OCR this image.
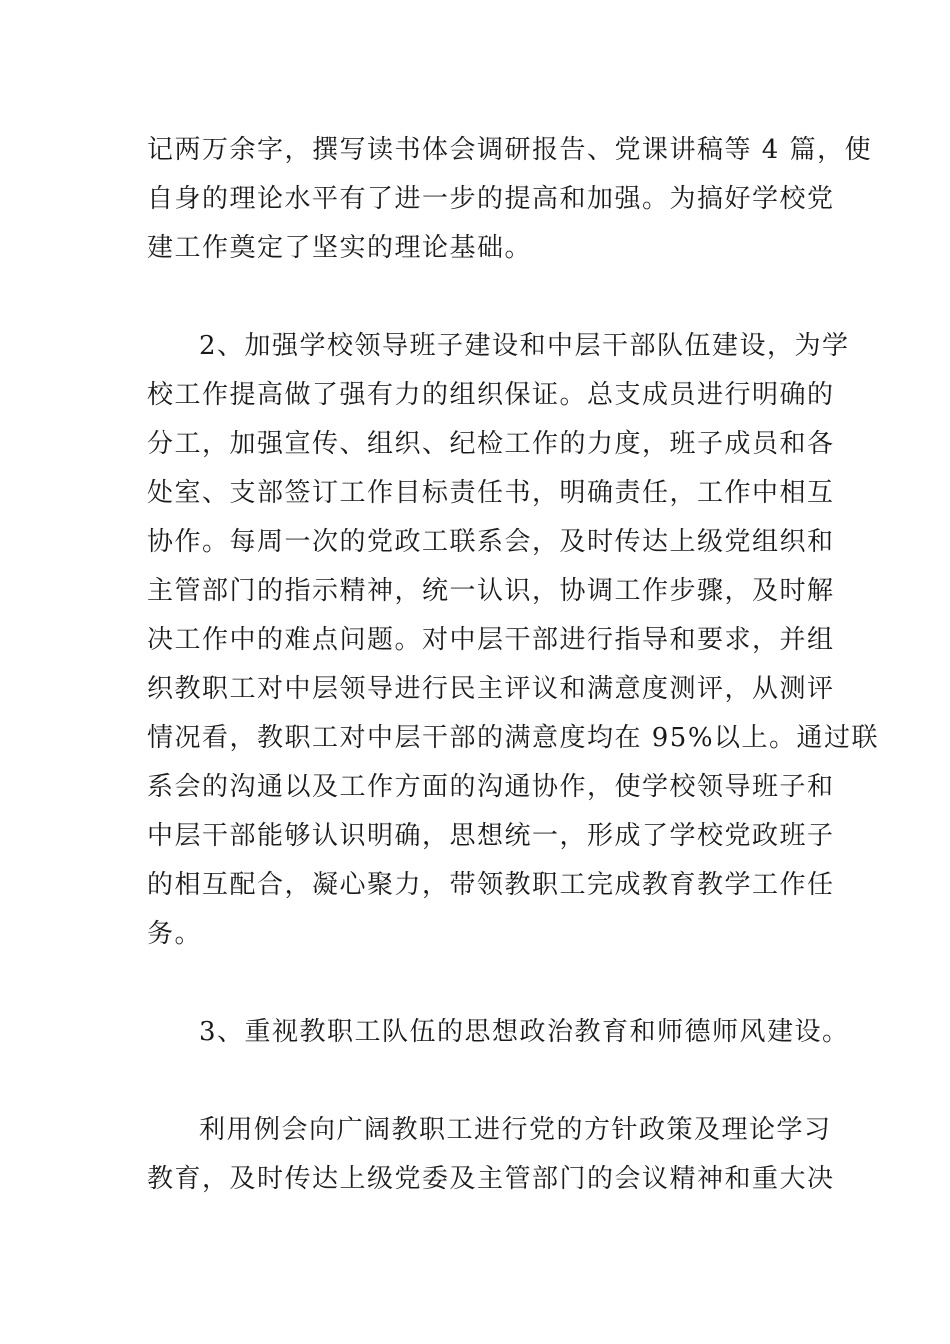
记两万余字，撰写读书体会调研报告、党课讲稿等 4 篇，使
自身的理论水平有了进一步的提高和加强。为搞好学校党
建工作奠定了坚实的理论基础。
2、加强学校领导班子建设和中层干部队伍建设，为学
校工作提高做了强有力的组织保证。总支成员进行明确的
分工，加强宣传、组织、纪检工作的力度，班子成员和各
处室、支部签订工作目标责任书，明确责任，工作中相互
协作。每周一次的党政工联系会，及时传达上级党组织和
主管部门的指示精神，统一认识，协调工作步骤，及时解
决工作中的难点问题。对中层干部进行指导和要求，并组
织教职工对中层领导进行民主评议和满意度测评，从测评
情况看，教职工对中层干部的满意度均在 95%以上。通过联
系会的沟通以及工作方面的沟通协作，使学校领导班子和
中层干部能够认识明确，思想统一，形成了学校党政班子
的相互配合，凝心聚力，带领教职工完成教育教学工作任
务。
3、重视教职工队伍的思想政治教育和师德师风建设。
利用例会向广阔教职工进行党的方针政策及理论学习
教育，及时传达上级党委及主管部门的会议精神和重大决
